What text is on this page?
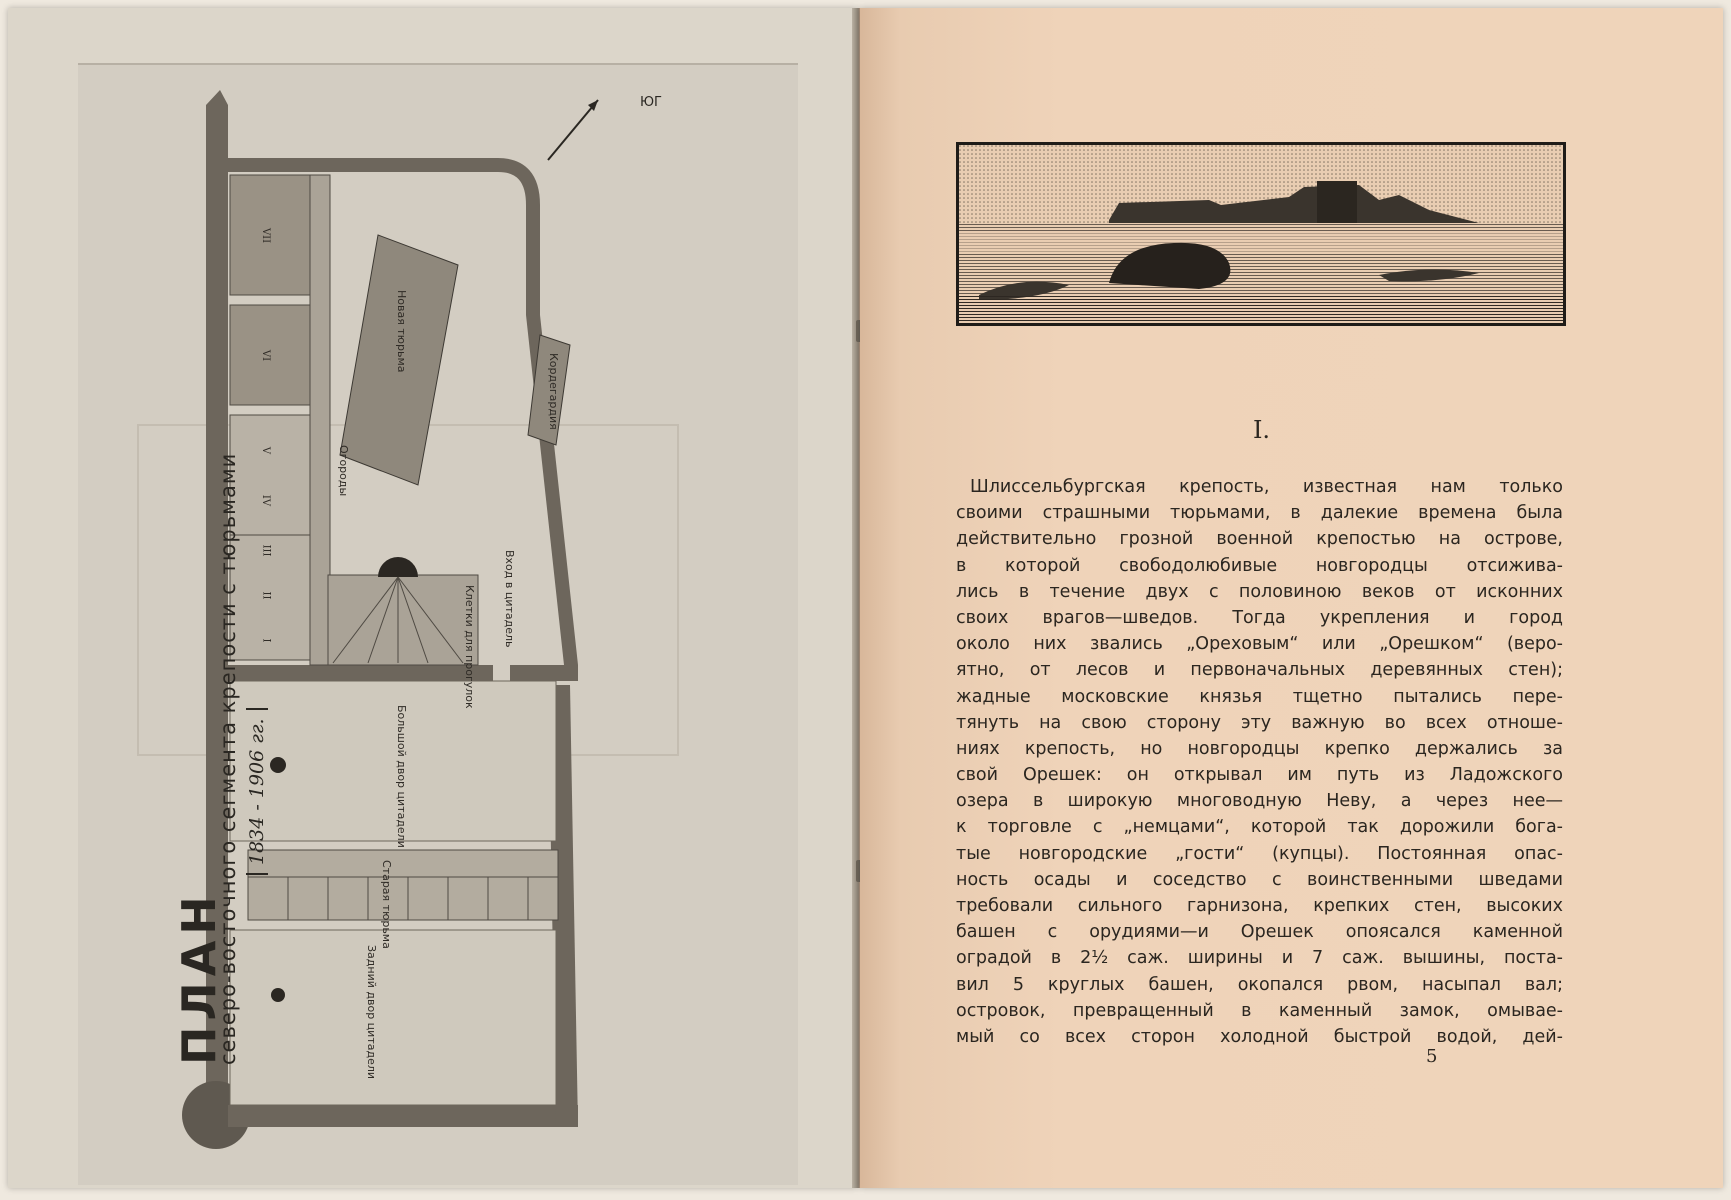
ЮГ
ПЛАН
северо-восточного сегмента крепости с тюрьмами 1834 - 1906 гг.
Новая тюрьма
Огороды
Кордегардия
Большой двор цитадели
Старая тюрьма
Задний двор цитадели
Вход в цитадель
Клетки для прогулок
VII
VI
V
IV
III
II
I
I.
Шлиссельбургская крепость, известная нам только
своими страшными тюрьмами, в далекие времена была
действительно грозной военной крепостью на острове,
в которой свободолюбивые новгородцы отсижива-
лись в течение двух с половиною веков от исконних
своих врагов—шведов. Тогда укрепления и город
около них звались „Ореховым“ или „Орешком“ (веро-
ятно, от лесов и первоначальных деревянных стен);
жадные московские князья тщетно пытались пере-
тянуть на свою сторону эту важную во всех отноше-
ниях крепость, но новгородцы крепко держались за
свой Орешек: он открывал им путь из Ладожского
озера в широкую многоводную Неву, а через нее—
к торговле с „немцами“, которой так дорожили бога-
тые новгородские „гости“ (купцы). Постоянная опас-
ность осады и соседство с воинственными шведами
требовали сильного гарнизона, крепких стен, высоких
башен с орудиями—и Орешек опоясался каменной
оградой в 2½ саж. ширины и 7 саж. вышины, поста-
вил 5 круглых башен, окопался рвом, насыпал вал;
островок, превращенный в каменный замок, омывае-
мый со всех сторон холодной быстрой водой, дей-
5
